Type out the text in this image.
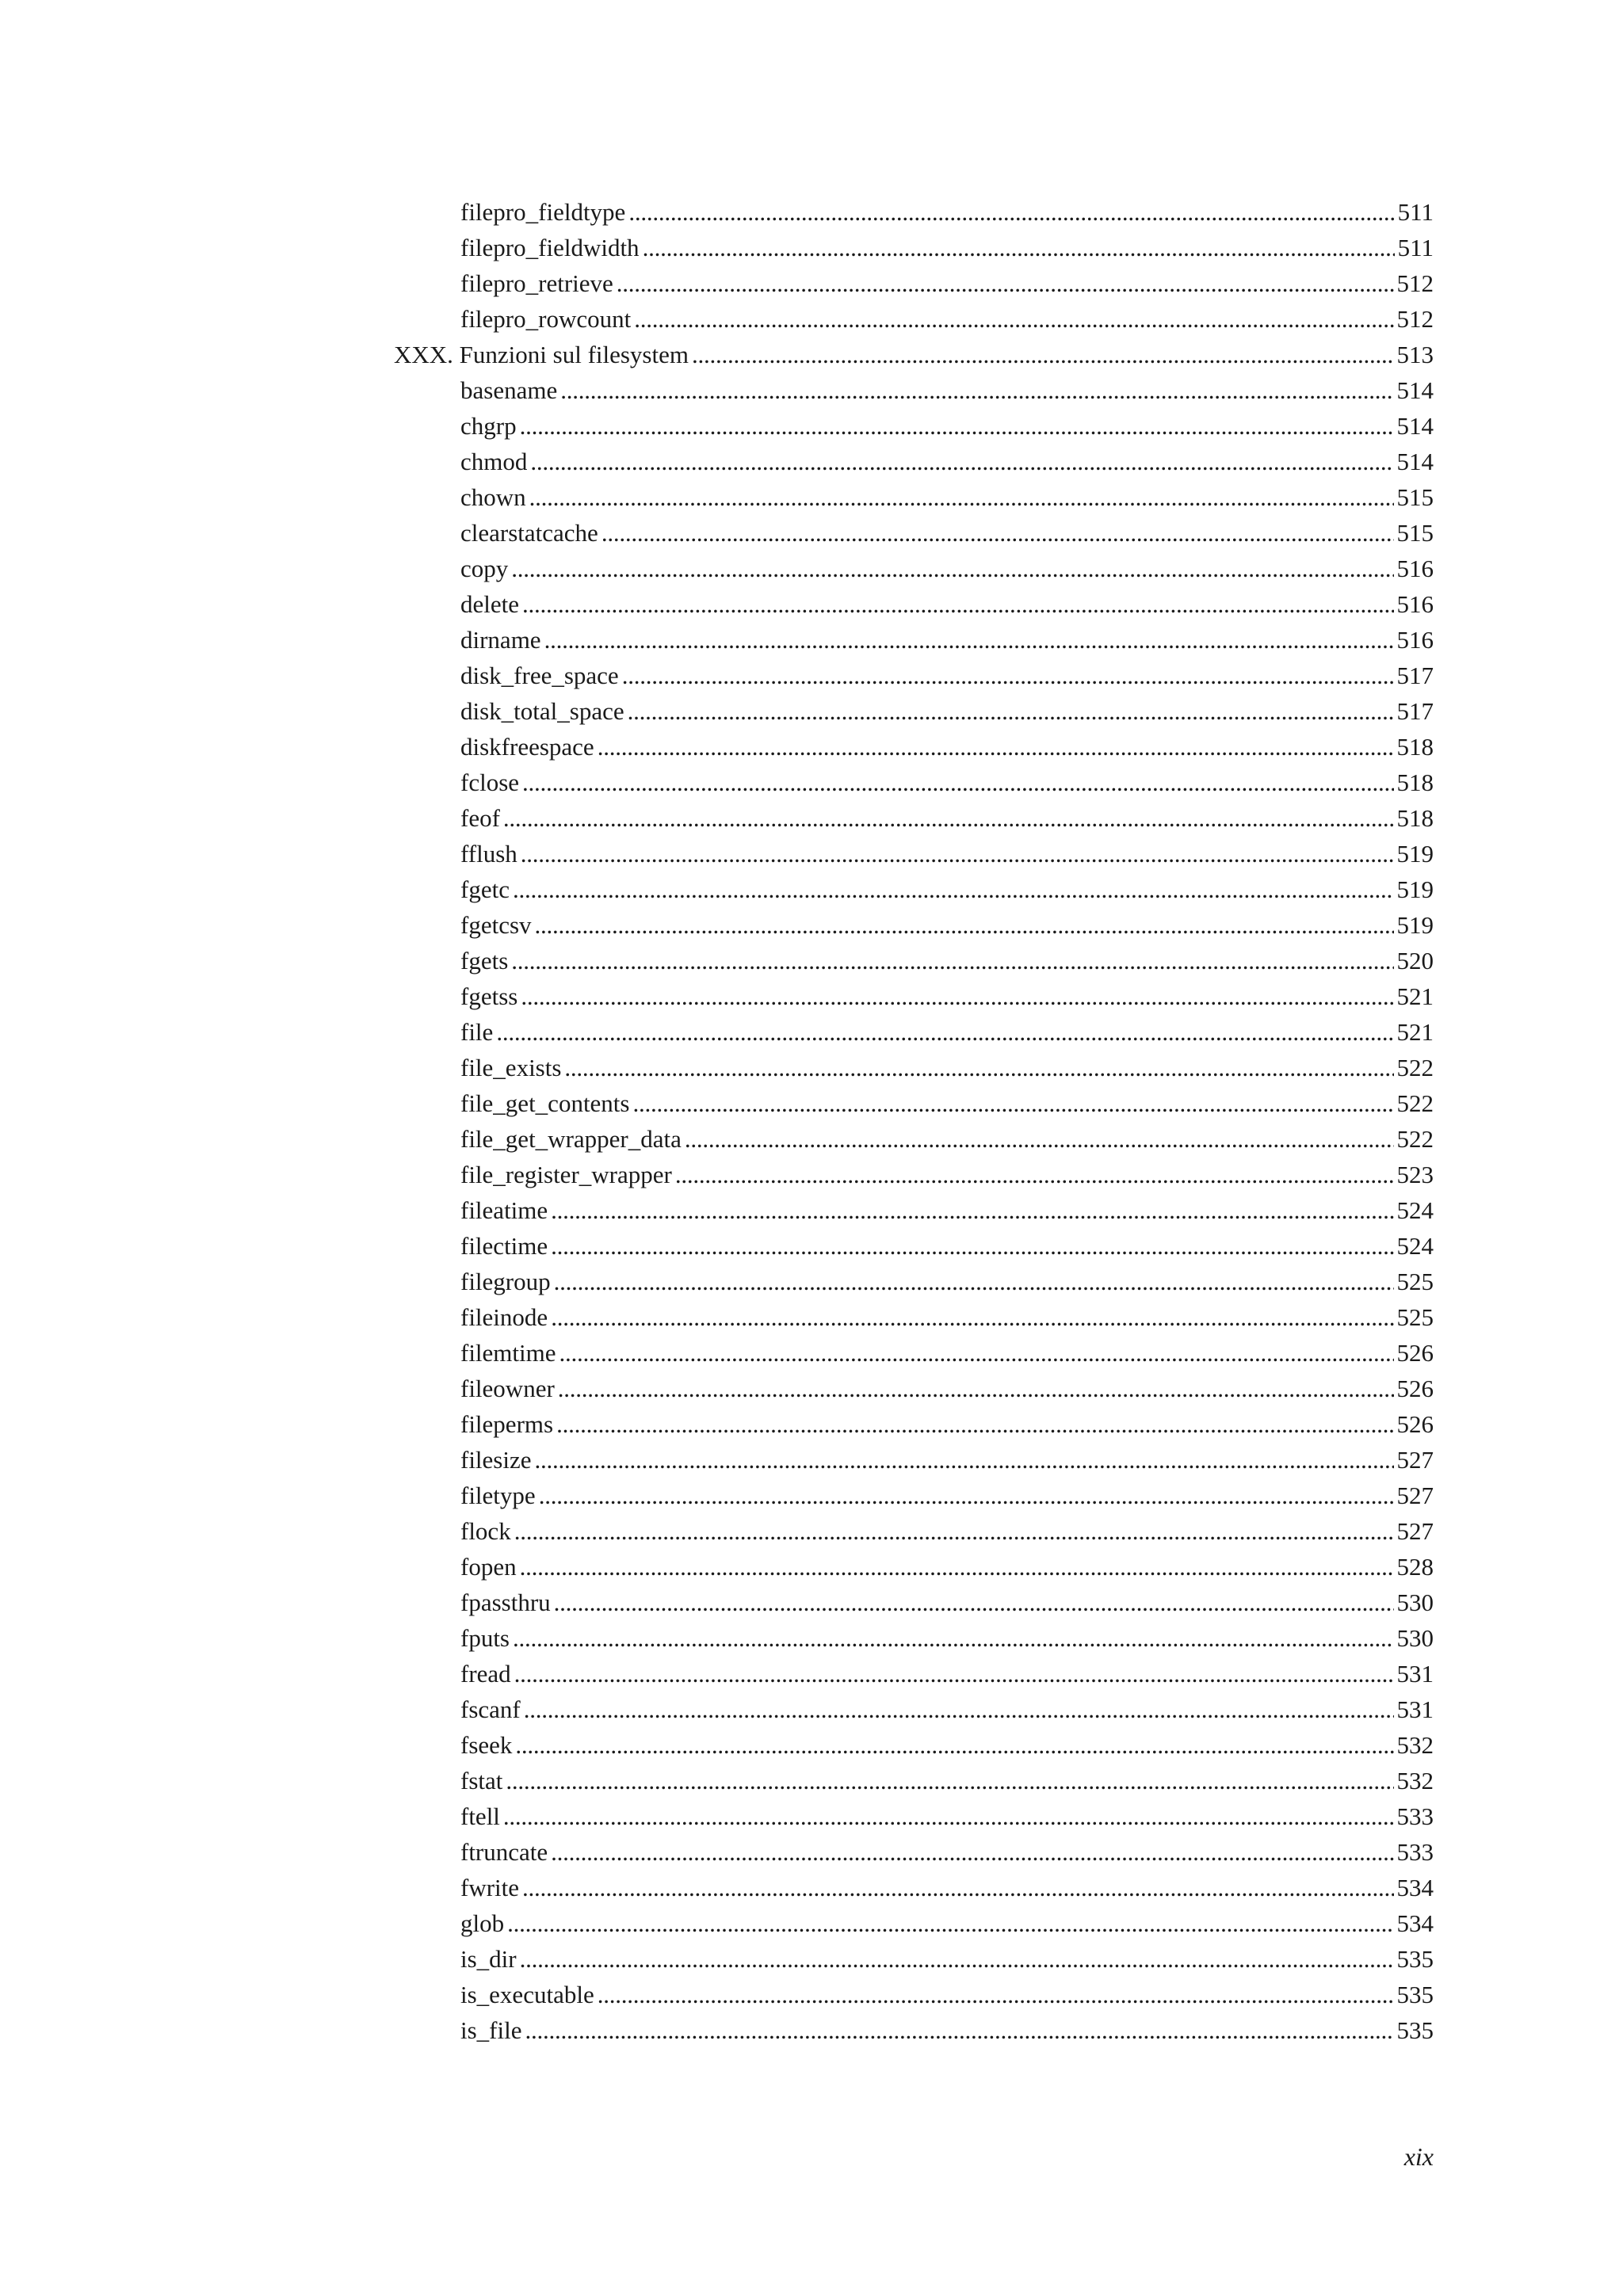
filepro_fieldtype . . .	511
filepro_fieldwidth . . .	511
filepro_retrieve . . .	512
filepro_rowcount . . .	512
XXX. Funzioni sul filesystem . . .	513
basename . . .	514
chgrp . . .	514
chmod . . .	514
chown . . .	515
clearstatcache . . .	515
copy . . .	516
delete . . .	516
dirname . . .	516
disk_free_space . . .	517
disk_total_space . . .	517
diskfreespace . . .	518
fclose . . .	518
feof . . .	518
fflush . . .	519
fgetc . . .	519
fgetcsv . . .	519
fgets . . .	520
fgetss . . .	521
file . . .	521
file_exists . . .	522
file_get_contents . . .	522
file_get_wrapper_data . . .	522
file_register_wrapper . . .	523
fileatime . . .	524
filectime . . .	524
filegroup . . .	525
fileinode . . .	525
filemtime . . .	526
fileowner . . .	526
fileperms . . .	526
filesize . . .	527
filetype . . .	527
flock . . .	527
fopen . . .	528
fpassthru . . .	530
fputs . . .	530
fread . . .	531
fscanf . . .	531
fseek . . .	532
fstat . . .	532
ftell . . .	533
ftruncate . . .	533
fwrite . . .	534
glob . . .	534
is_dir . . .	535
is_executable . . .	535
is_file . . .	535
xix
